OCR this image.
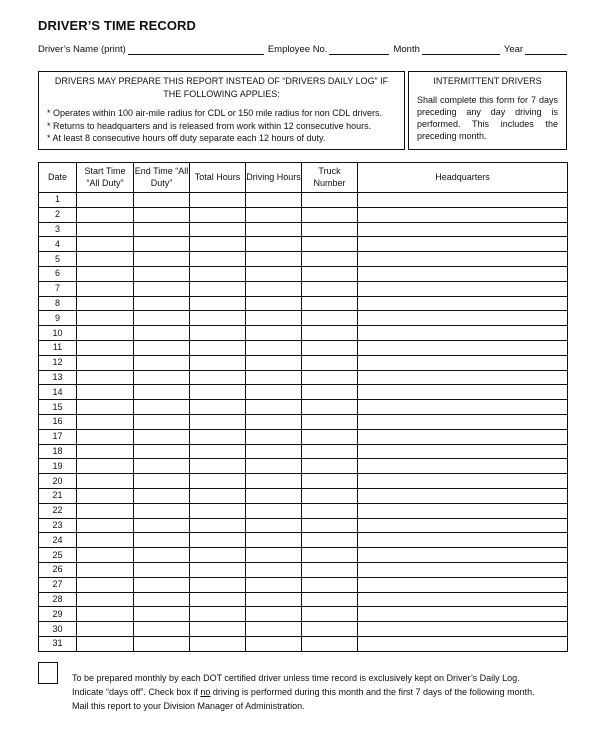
DRIVER’S TIME RECORD
Driver’s Name (print)	Employee No.	Month	Year
DRIVERS MAY PREPARE THIS REPORT INSTEAD OF “DRIVERS DAILY LOG” IF THE FOLLOWING APPLIES:
* Operates within 100 air-mile radius for CDL or 150 mile radius for non CDL drivers.
* Returns to headquarters and is released from work within 12 consecutive hours.
* At least 8 consecutive hours off duty separate each 12 hours of duty.
INTERMITTENT DRIVERS
Shall complete this form for 7 days preceding any day driving is performed. This includes the preceding month.
Date	Start Time “All Duty”	End Time “All Duty”	Total Hours	Driving Hours	Truck Number	Headquarters
1						
2						
3						
4						
5						
6						
7						
8						
9						
10						
11						
12						
13						
14						
15						
16						
17						
18						
19						
20						
21						
22						
23						
24						
25						
26						
27						
28						
29						
30						
31						
To be prepared monthly by each DOT certified driver unless time record is exclusively kept on Driver’s Daily Log.
Indicate “days off”. Check box if no driving is performed during this month and the first 7 days of the following month.
Mail this report to your Division Manager of Administration.
